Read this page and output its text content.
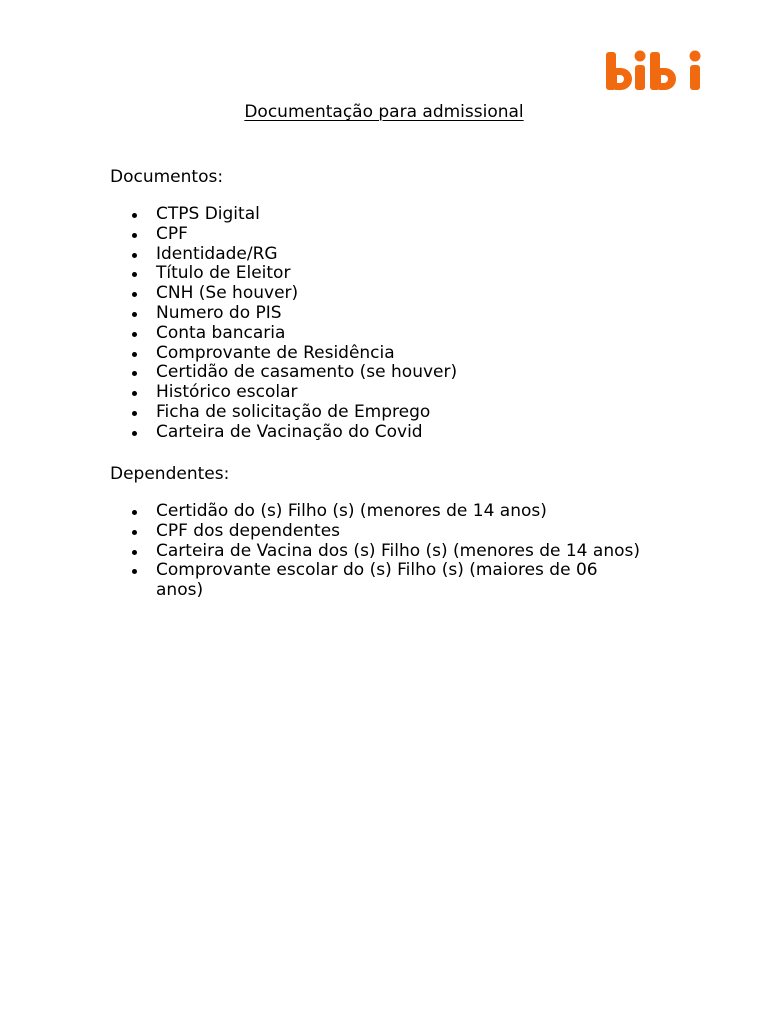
Documentação para admissional
Documentos:
CTPS Digital
CPF
Identidade/RG
Título de Eleitor
CNH (Se houver)
Numero do PIS
Conta bancaria
Comprovante de Residência
Certidão de casamento (se houver)
Histórico escolar
Ficha de solicitação de Emprego
Carteira de Vacinação do Covid
Dependentes:
Certidão do (s) Filho (s) (menores de 14 anos)
CPF dos dependentes
Carteira de Vacina dos (s) Filho (s) (menores de 14 anos)
Comprovante escolar do (s) Filho (s) (maiores de 06 anos)
